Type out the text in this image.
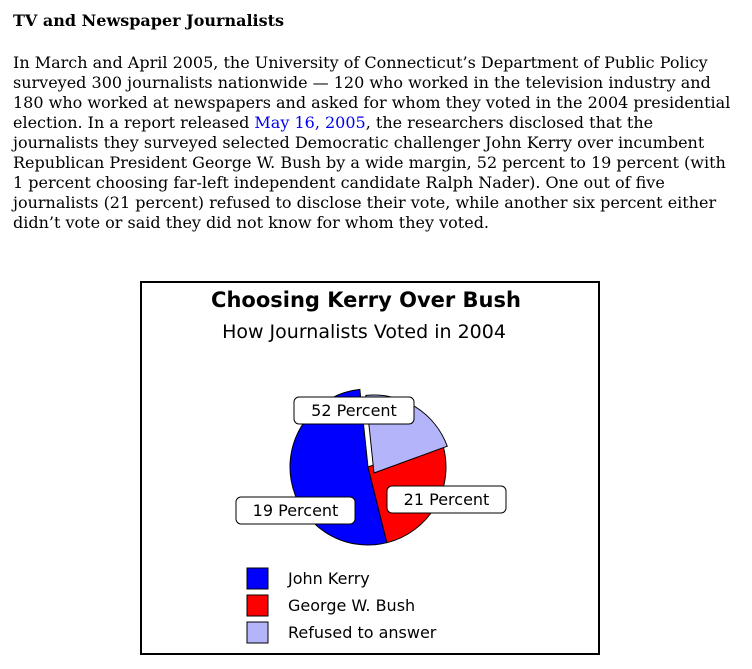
TV and Newspaper Journalists

In March and April 2005, the University of Connecticut’s Department of Public Policy surveyed 300 journalists nationwide — 120 who worked in the television industry and 180 who worked at newspapers and asked for whom they voted in the 2004 presidential election. In a report released May 16, 2005, the researchers disclosed that the journalists they surveyed selected Democratic challenger John Kerry over incumbent Republican President George W. Bush by a wide margin, 52 percent to 19 percent (with 1 percent choosing far-left independent candidate Ralph Nader). One out of five journalists (21 percent) refused to disclose their vote, while another six percent either didn’t vote or said they did not know for whom they voted.

Choosing Kerry Over Bush
How Journalists Voted in 2004
52 Percent
19 Percent
21 Percent
John Kerry
George W. Bush
Refused to answer
